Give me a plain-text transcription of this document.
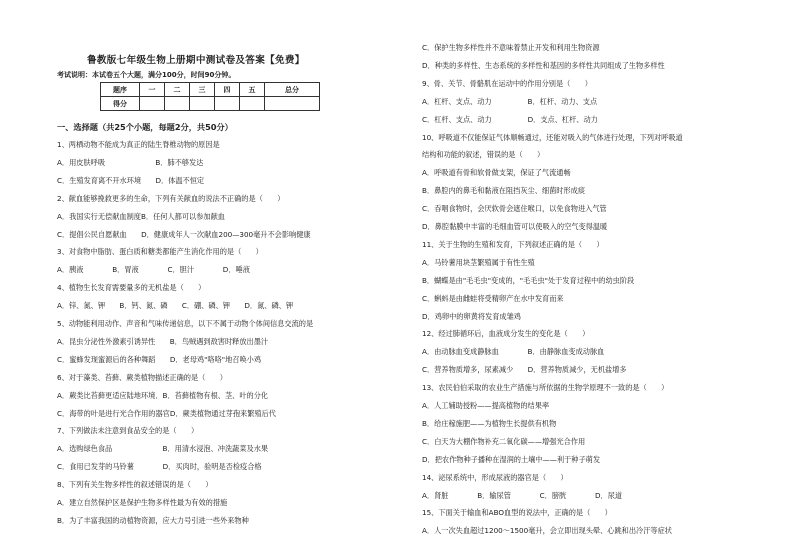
鲁教版七年级生物上册期中测试卷及答案【免费】
考试说明：本试卷五个大题，满分100分，时间90分钟。
题序	一	二	三	四	五	总分
得分						
一、选择题（共25个小题，每题2分，共50分）
1、两栖动物不能成为真正的陆生脊椎动物的原因是
A．用皮肤呼吸　　　　　　　B．肺不够发达
C．生殖发育离不开水环境　　D．体温不恒定
2、献血能够挽救更多的生命，下列有关献血的说法不正确的是（　　）
A．我国实行无偿献血制度B．任何人都可以参加献血
C．提倡公民自愿献血　　D．健康成年人一次献血200—300毫升不会影响健康
3、对食物中脂肪、蛋白质和糖类都能产生消化作用的是（　　）
A．胰液　　　　B．胃液　　　　C．胆汁　　　　D．唾液
4、植物生长发育需要量多的无机盐是（　　）
A．锌、氮、钾　　B．钙、氮、磷　　C．硼、磷、钾　　D．氮、磷、钾
5、动物能利用动作、声音和气味传递信息，以下不属于动物个体间信息交流的是
A．昆虫分泌性外激素引诱异性　　B．鸟贼遇到敌害时释放出墨汁
C．蜜蜂发现蜜源后的各种舞蹈　　D．老母鸡"咯咯"地召唤小鸡
6、对于藻类、苔藓、蕨类植物描述正确的是（　　）
A．蕨类比苔藓更适应陆地环境．B．苔藓植物有根、茎、叶的分化
C．海带的叶是进行光合作用的器官D．蕨类植物通过芽孢来繁殖后代
7、下列做法未注意到食品安全的是（　　）
A．选购绿色食品　　　　　　　B．用清水浸泡、冲洗蔬菜及水果
C．食用已发芽的马铃薯　　　　D．买肉时，验明是否检疫合格
8、下列有关生物多样性的叙述错误的是（　　）
A．建立自然保护区是保护生物多样性最为有效的措施
B．为了丰富我国的动植物资源，应大力号引进一些外来物种
C．保护生物多样性并不意味着禁止开发和利用生物资源
D．种类的多样性、生态系统的多样性和基因的多样性共同组成了生物多样性
9、骨、关节、骨骼肌在运动中的作用分别是（　　）
A．杠杆、支点、动力　　　　　B．杠杆、动力、支点
C．杠杆、支点、动力　　　　　D．支点、杠杆、动力
10、呼吸道不仅能保证气体顺畅通过，还能对吸入的气体进行处理，下列对呼吸道
结构和功能的叙述，错误的是（　　）
A．呼吸道有骨和软骨做支架，保证了气流通畅
B．鼻腔内的鼻毛和黏液在阻挡灰尘、细菌时形成痰
C．吞咽食物时，会厌软骨会遮住喉口，以免食物进入气管
D．鼻腔黏膜中丰富的毛细血管可以使吸入的空气变得温暖
11、关于生物的生殖和发育，下列叙述正确的是（　　）
A．马铃薯用块茎繁殖属于有性生殖
B．蝴蝶是由"毛毛虫"变成的，"毛毛虫"处于发育过程中的幼虫阶段
C．蝌蚪是由雌蛙将受精卵产在水中发育而来
D．鸡卵中的卵黄将发育成雏鸡
12、经过肺循环后，血液成分发生的变化是（　　）
A．由动脉血变成静脉血　　　　B．由静脉血变成动脉血
C．营养物质增多，尿素减少　　D．营养物质减少，无机盐增多
13、农民伯伯采取的农业生产措施与所依据的生物学原理不一致的是（　　）
A．人工辅助授粉——提高植物的结果率
B．给庄稼施肥——为植物生长提供有机物
C．白天为大棚作物补充二氧化碳——增强光合作用
D．把农作物种子播种在湿润的土壤中——利于种子萌发
14、泌尿系统中，形成尿液的器官是（　　）
A．肾脏　　　　B．输尿管　　　　C．膀胱　　　　D．尿道
15、下面关于输血和ABO血型的说法中，正确的是（　　）
A．人一次失血超过1200～1500毫升，会立即出现头晕、心跳和出冷汗等症状
